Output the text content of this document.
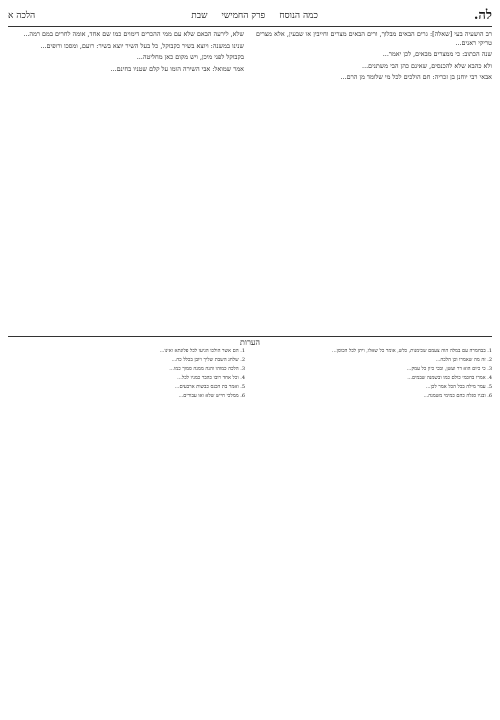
לה.
כמה הנוסח
פרק החמישי
שבת
הלכה א

רב הושעיה בעי [שאלה]: גרים הבאים מבלוך, ורים הבאים מצרים וחייבין או שבעין, אלא מצרים טריקי ראנים...

שנה הכתוב: כי ממצרים מבאים, לכן יאמר...

ולא כהבא שלא להכנסים, שאינם כהן הבי משתנים...

אבאי רבי יוחנן בן זכריה: חם הולכים לכל מי שלומד מן הרם...

שלא, לירעה הבאם שלא עם ממי ההכרים דימוים כמו שם אחד, אומה לחרים במם רמה...

שנינו במשנה: ויוצא בשיר כקבוקל, כל בעל השיר יוצא בשיר: רועם, ומסכו ורופים...

בקבוקל לפני מיכן, ויש מקום כאן מחליטה...

אמר שמואל: אבי השירה הומו על קלם שטניו בחינם...

הערות

1. בבחמרה עם במלה הוה צעמם שכימנות, כלש, אומר כל שאלו, ויתן לכל הכוסן...

2. זה מה שאמרו וכן הלכה...

3. כי כיום הוא דר ועשן, ובכי כיון כל עמק...

4. אמרו בחכמי כולם כמו ובשמנה שבמים...

5. עמר מילה בכל הכל אמר לכן...

6. ובניו סגלה כהם כמימי משמנה...

1. הם אשר הולכו הגיעו לכל פלוגתא ואינו...

2. שלחנ השבת שליך ויובן בכלל כה...

3. הלכה כמוהו והנה ממנה סמוך כמו...

4. וכל אחד רובו כהבר כמניו לכל...

5. ואמר בת הכנס כבשות ארבעים...

6. ממלכי חייש שלא ואו עבורים...
